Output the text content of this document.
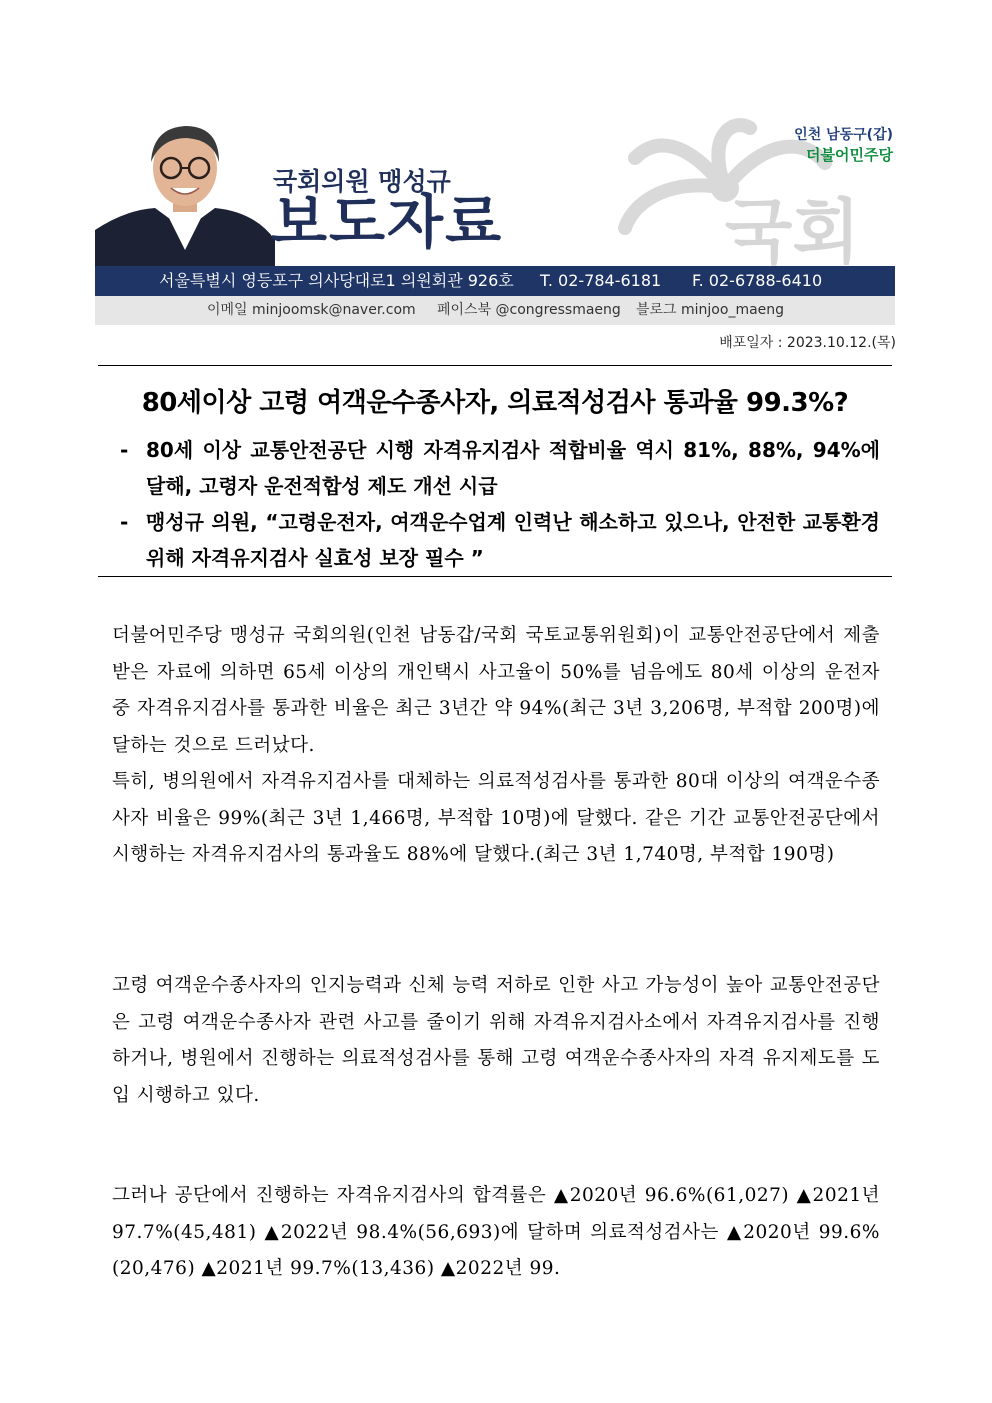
국회
인천 남동구(갑)
더불어민주당
국회의원 맹성규
보도자료
서울특별시 영등포구 의사당대로1 의원회관 926호 T. 02-784-6181 F. 02-6788-6410
이메일 minjoomsk@naver.com 페이스북 @congressmaeng 블로그 minjoo_maeng
배포일자 : 2023.10.12.(목)
80세이상 고령 여객운수종사자, 의료적성검사 통과율 99.3%?
- 80세 이상 교통안전공단 시행 자격유지검사 적합비율 역시 81%, 88%, 94%에 달해, 고령자 운전적합성 제도 개선 시급
- 맹성규 의원, “고령운전자, 여객운수업계 인력난 해소하고 있으나, 안전한 교통환경 위해 자격유지검사 실효성 보장 필수 ”

더불어민주당 맹성규 국회의원(인천 남동갑/국회 국토교통위원회)이 교통안전공단에서 제출받은 자료에 의하면 65세 이상의 개인택시 사고율이 50%를 넘음에도 80세 이상의 운전자 중 자격유지검사를 통과한 비율은 최근 3년간 약 94%(최근 3년 3,206명, 부적합 200명)에 달하는 것으로 드러났다.

특히, 병의원에서 자격유지검사를 대체하는 의료적성검사를 통과한 80대 이상의 여객운수종사자 비율은 99%(최근 3년 1,466명, 부적합 10명)에 달했다. 같은 기간 교통안전공단에서 시행하는 자격유지검사의 통과율도 88%에 달했다.(최근 3년 1,740명, 부적합 190명)

고령 여객운수종사자의 인지능력과 신체 능력 저하로 인한 사고 가능성이 높아 교통안전공단은 고령 여객운수종사자 관련 사고를 줄이기 위해 자격유지검사소에서 자격유지검사를 진행하거나, 병원에서 진행하는 의료적성검사를 통해 고령 여객운수종사자의 자격 유지제도를 도입 시행하고 있다.

그러나 공단에서 진행하는 자격유지검사의 합격률은 ▲2020년 96.6%(61,027) ▲2021년 97.7%(45,481) ▲2022년 98.4%(56,693)에 달하며 의료적성검사는 ▲2020년 99.6%(20,476) ▲2021년 99.7%(13,436) ▲2022년 99.
